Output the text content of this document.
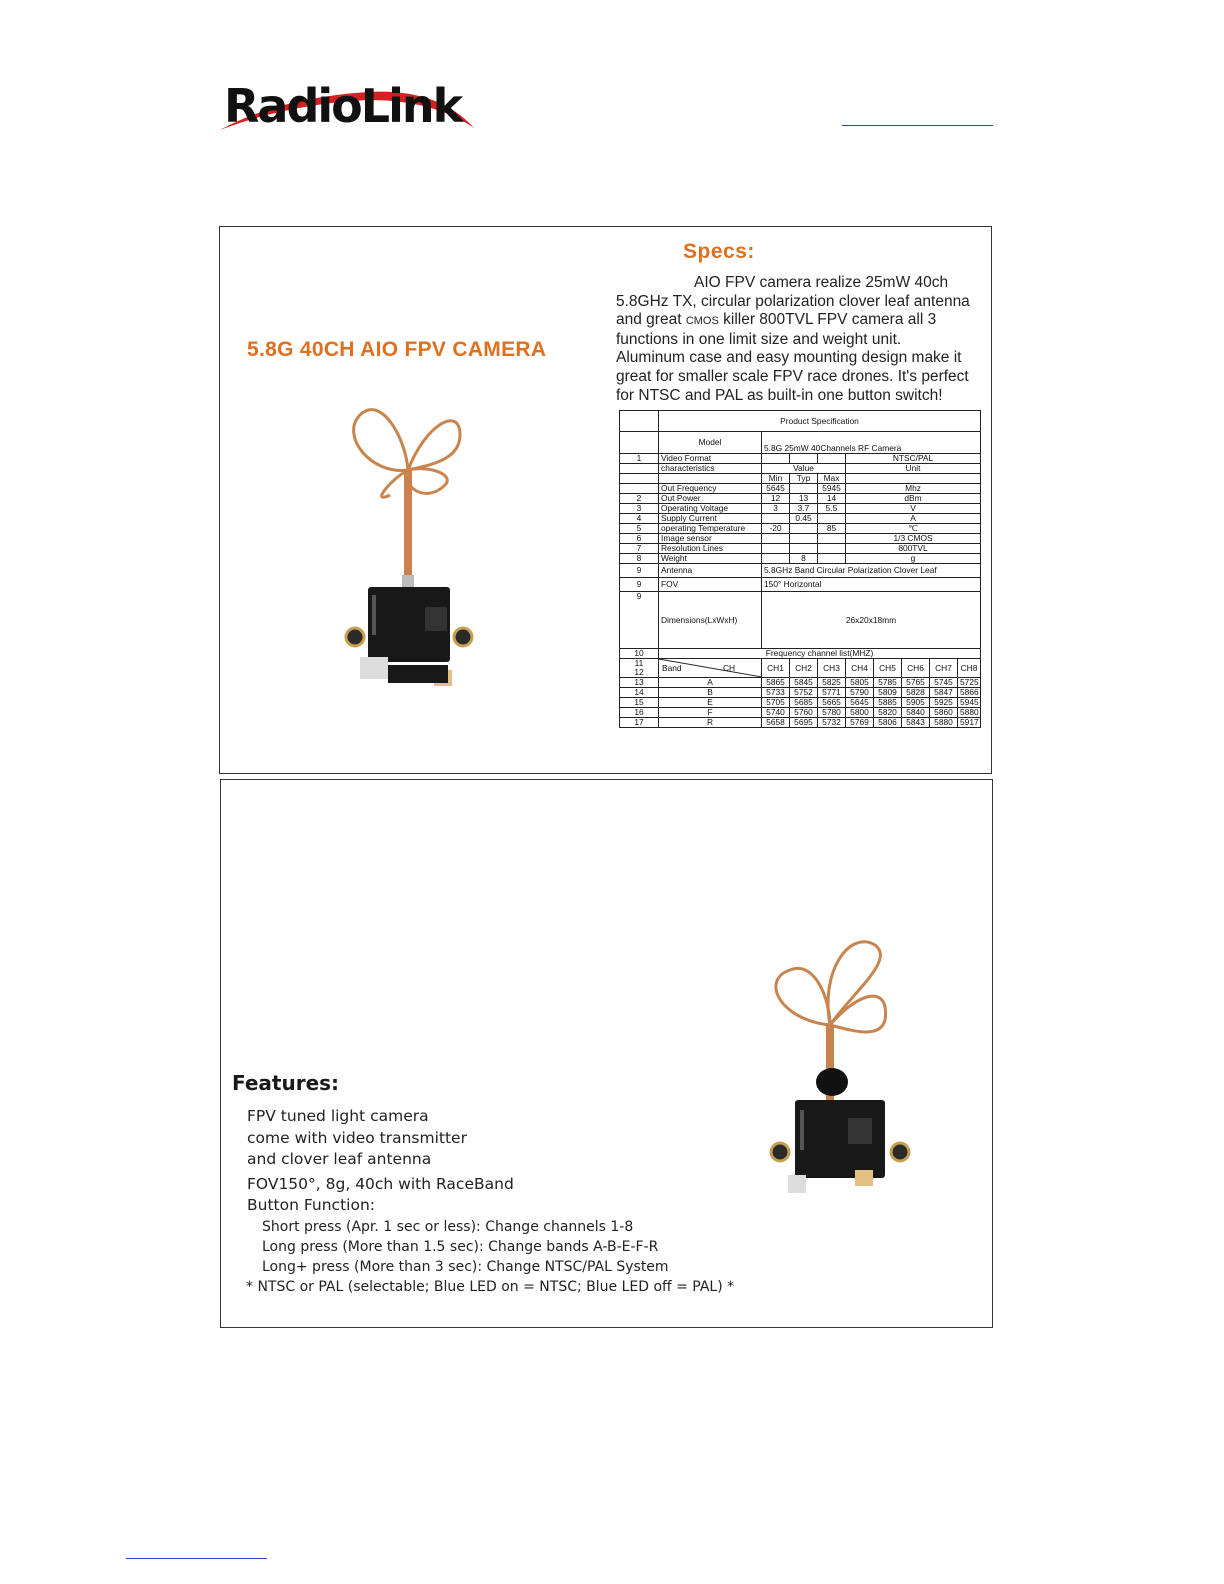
RadioLink
Specs:

AIO FPV camera realize 25mW 40ch

5.8GHz TX, circular polarization clover leaf antenna

and great CMOS killer 800TVL FPV camera all 3

functions in one limit size and weight unit.

Aluminum case and easy mounting design make it

great for smaller scale FPV race drones. It's perfect

for NTSC and PAL as built-in one button switch!

5.8G 40CH AIO FPV CAMERA
	Product Specification								
	Model	5.8G 25mW 40Channels RF Camera							
1	Video Format				NTSC/PAL				
	characteristics	Value			Unit				
		Min	Typ	Max					
	Out Frequency	5645		5945	Mhz				
2	Out Power	12	13	14	dBm				
3	Operating Voltage	3	3.7	5.5	V				
4	Supply Current		0.45		A				
5	operating Temperature	-20		85	℃				
6	Image sensor				1/3 CMOS				
7	Resolution Lines				800TVL				
8	Weight		8		g				
9	Antenna	5.8GHz Band Circular Polarization Clover Leaf							
9	FOV	150° Horizontal							
9	Dimensions(LxWxH)	26x20x18mm							
10	Frequency channel list(MHZ)								
11
12	Band CH	CH1	CH2	CH3	CH4	CH5	CH6	CH7	CH8
13	A	5865	5845	5825	5805	5785	5765	5745	5725
14	B	5733	5752	5771	5790	5809	5828	5847	5866
15	E	5705	5685	5665	5645	5885	5905	5925	5945
16	F	5740	5760	5780	5800	5820	5840	5860	5880
17	R	5658	5695	5732	5769	5806	5843	5880	5917
Features:
FPV tuned light camera
come with video transmitter
and clover leaf antenna
FOV150°, 8g, 40ch with RaceBand
Button Function:
Short press (Apr. 1 sec or less): Change channels 1-8
Long press (More than 1.5 sec): Change bands A-B-E-F-R
Long+ press (More than 3 sec): Change NTSC/PAL System
* NTSC or PAL (selectable; Blue LED on = NTSC; Blue LED off = PAL) *
